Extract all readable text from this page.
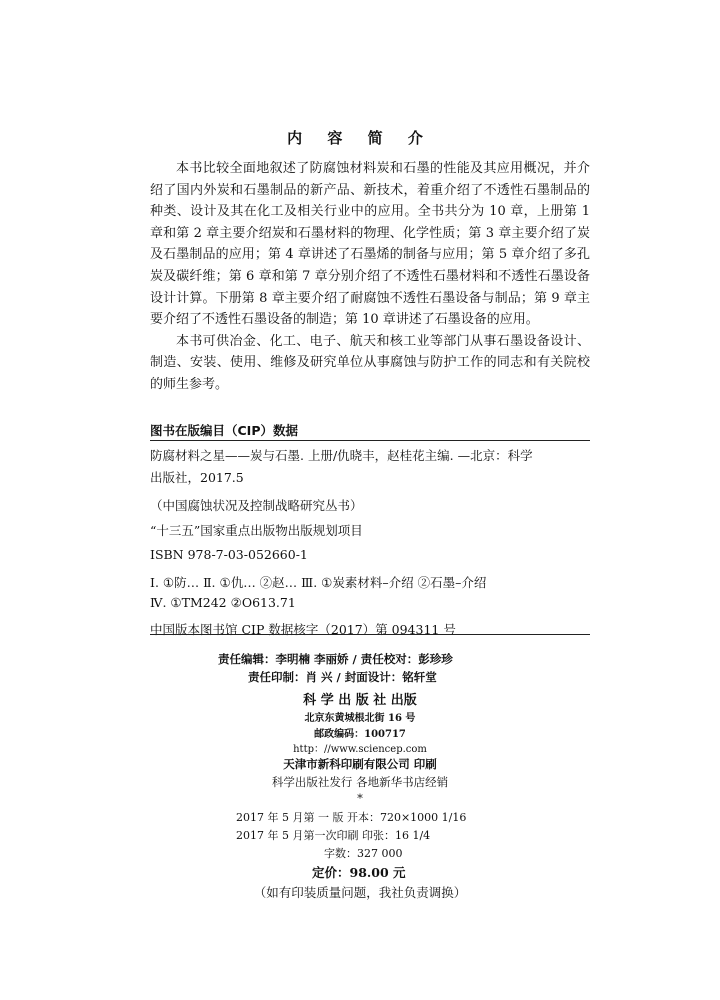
内 容 简 介

本书比较全面地叙述了防腐蚀材料炭和石墨的性能及其应用概况，并介绍了国内外炭和石墨制品的新产品、新技术，着重介绍了不透性石墨制品的种类、设计及其在化工及相关行业中的应用。全书共分为 10 章，上册第 1 章和第 2 章主要介绍炭和石墨材料的物理、化学性质；第 3 章主要介绍了炭及石墨制品的应用；第 4 章讲述了石墨烯的制备与应用；第 5 章介绍了多孔炭及碳纤维；第 6 章和第 7 章分别介绍了不透性石墨材料和不透性石墨设备设计计算。下册第 8 章主要介绍了耐腐蚀不透性石墨设备与制品；第 9 章主要介绍了不透性石墨设备的制造；第 10 章讲述了石墨设备的应用。

本书可供冶金、化工、电子、航天和核工业等部门从事石墨设备设计、制造、安装、使用、维修及研究单位从事腐蚀与防护工作的同志和有关院校的师生参考。

图书在版编目（CIP）数据
防腐材料之星——炭与石墨. 上册/仇晓丰，赵桂花主编. —北京：科学
出版社，2017.5
（中国腐蚀状况及控制战略研究丛书）
“十三五”国家重点出版物出版规划项目
ISBN 978-7-03-052660-1
Ⅰ. ①防… Ⅱ. ①仇… ②赵… Ⅲ. ①炭素材料–介绍 ②石墨–介绍
Ⅳ. ①TM242 ②O613.71
中国版本图书馆 CIP 数据核字（2017）第 094311 号
责任编辑：李明楠 李丽娇 / 责任校对：彭珍珍
责任印制：肖 兴 / 封面设计：铭轩堂
科 学 出 版 社 出版
北京东黄城根北街 16 号
邮政编码：100717
http：//www.sciencep.com
天津市新科印刷有限公司 印刷
科学出版社发行 各地新华书店经销
*
2017 年 5 月第 一 版 开本：720×1000 1/16
2017 年 5 月第一次印刷 印张：16 1/4
字数：327 000
定价：98.00 元
（如有印装质量问题，我社负责调换）
